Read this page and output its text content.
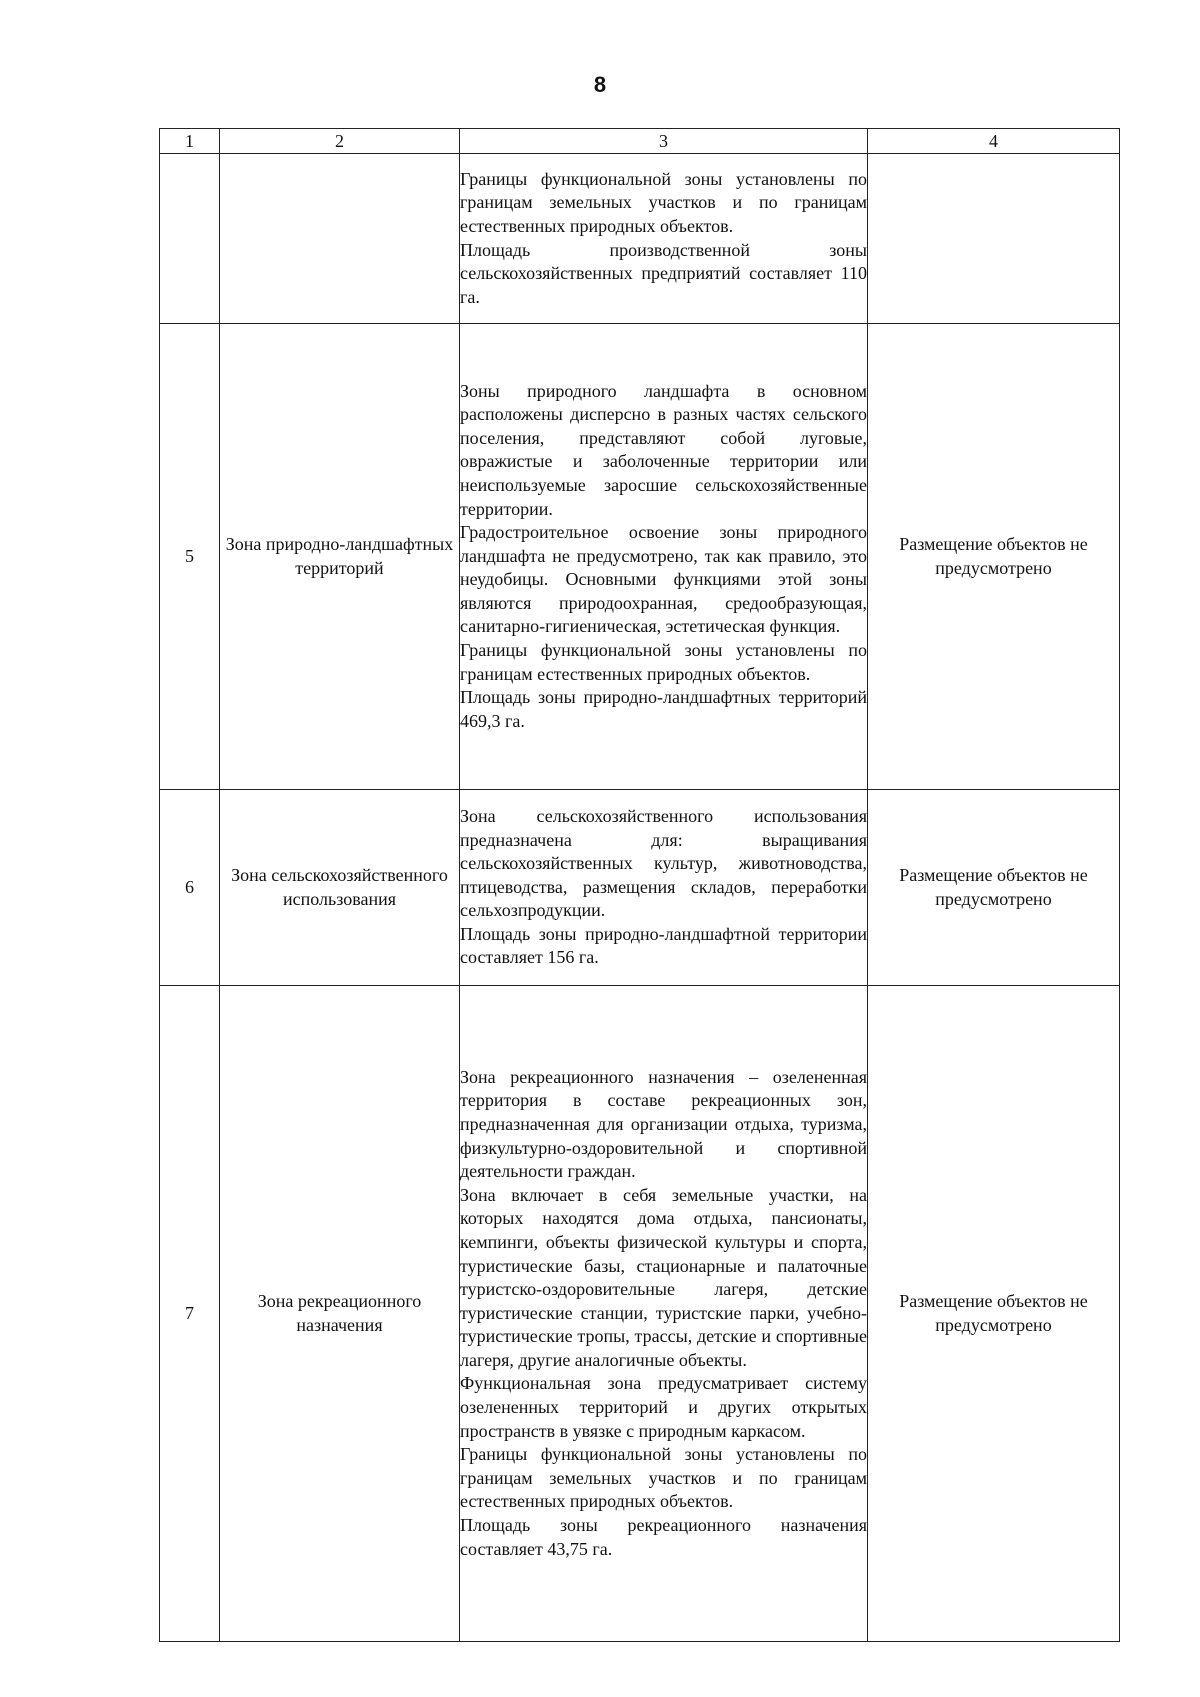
8
1	2	3	4

		Границы функциональной зоны установлены по границам земельных участков и по границам естественных природных объектов.

Площадь производственной зоны сельскохозяйственных предприятий составляет 110 га.	

5	Зона природно-ландшафтных территорий	Зоны природного ландшафта в основном расположены дисперсно в разных частях сельского поселения, представляют собой луговые, овражистые и заболоченные территории или неиспользуемые заросшие сельскохозяйственные территории.

Градостроительное освоение зоны природного ландшафта не предусмотрено, так как правило, это неудобицы. Основными функциями этой зоны являются природоохранная, средообразующая, санитарно-гигиеническая, эстетическая функция.

Границы функциональной зоны установлены по границам естественных природных объектов.

Площадь зоны природно-ландшафтных территорий 469,3 га.	Размещение объектов не предусмотрено
6	Зона сельскохозяйственного использования	Зона сельскохозяйственного использования предназначена для: выращивания сельскохозяйственных культур, животноводства, птицеводства, размещения складов, переработки сельхозпродукции.

Площадь зоны природно-ландшафтной территории составляет 156 га.	Размещение объектов не предусмотрено
7	Зона рекреационного назначения	Зона рекреационного назначения – озелененная территория в составе рекреационных зон, предназначенная для организации отдыха, туризма, физкультурно-оздоровительной и спортивной деятельности граждан.

Зона включает в себя земельные участки, на которых находятся дома отдыха, пансионаты, кемпинги, объекты физической культуры и спорта, туристические базы, стационарные и палаточные туристско-оздоровительные лагеря, детские туристические станции, туристские парки, учебно-туристические тропы, трассы, детские и спортивные лагеря, другие аналогичные объекты.

Функциональная зона предусматривает систему озелененных территорий и других открытых пространств в увязке с природным каркасом.

Границы функциональной зоны установлены по границам земельных участков и по границам естественных природных объектов.

Площадь зоны рекреационного назначения составляет 43,75 га.	Размещение объектов не предусмотрено
